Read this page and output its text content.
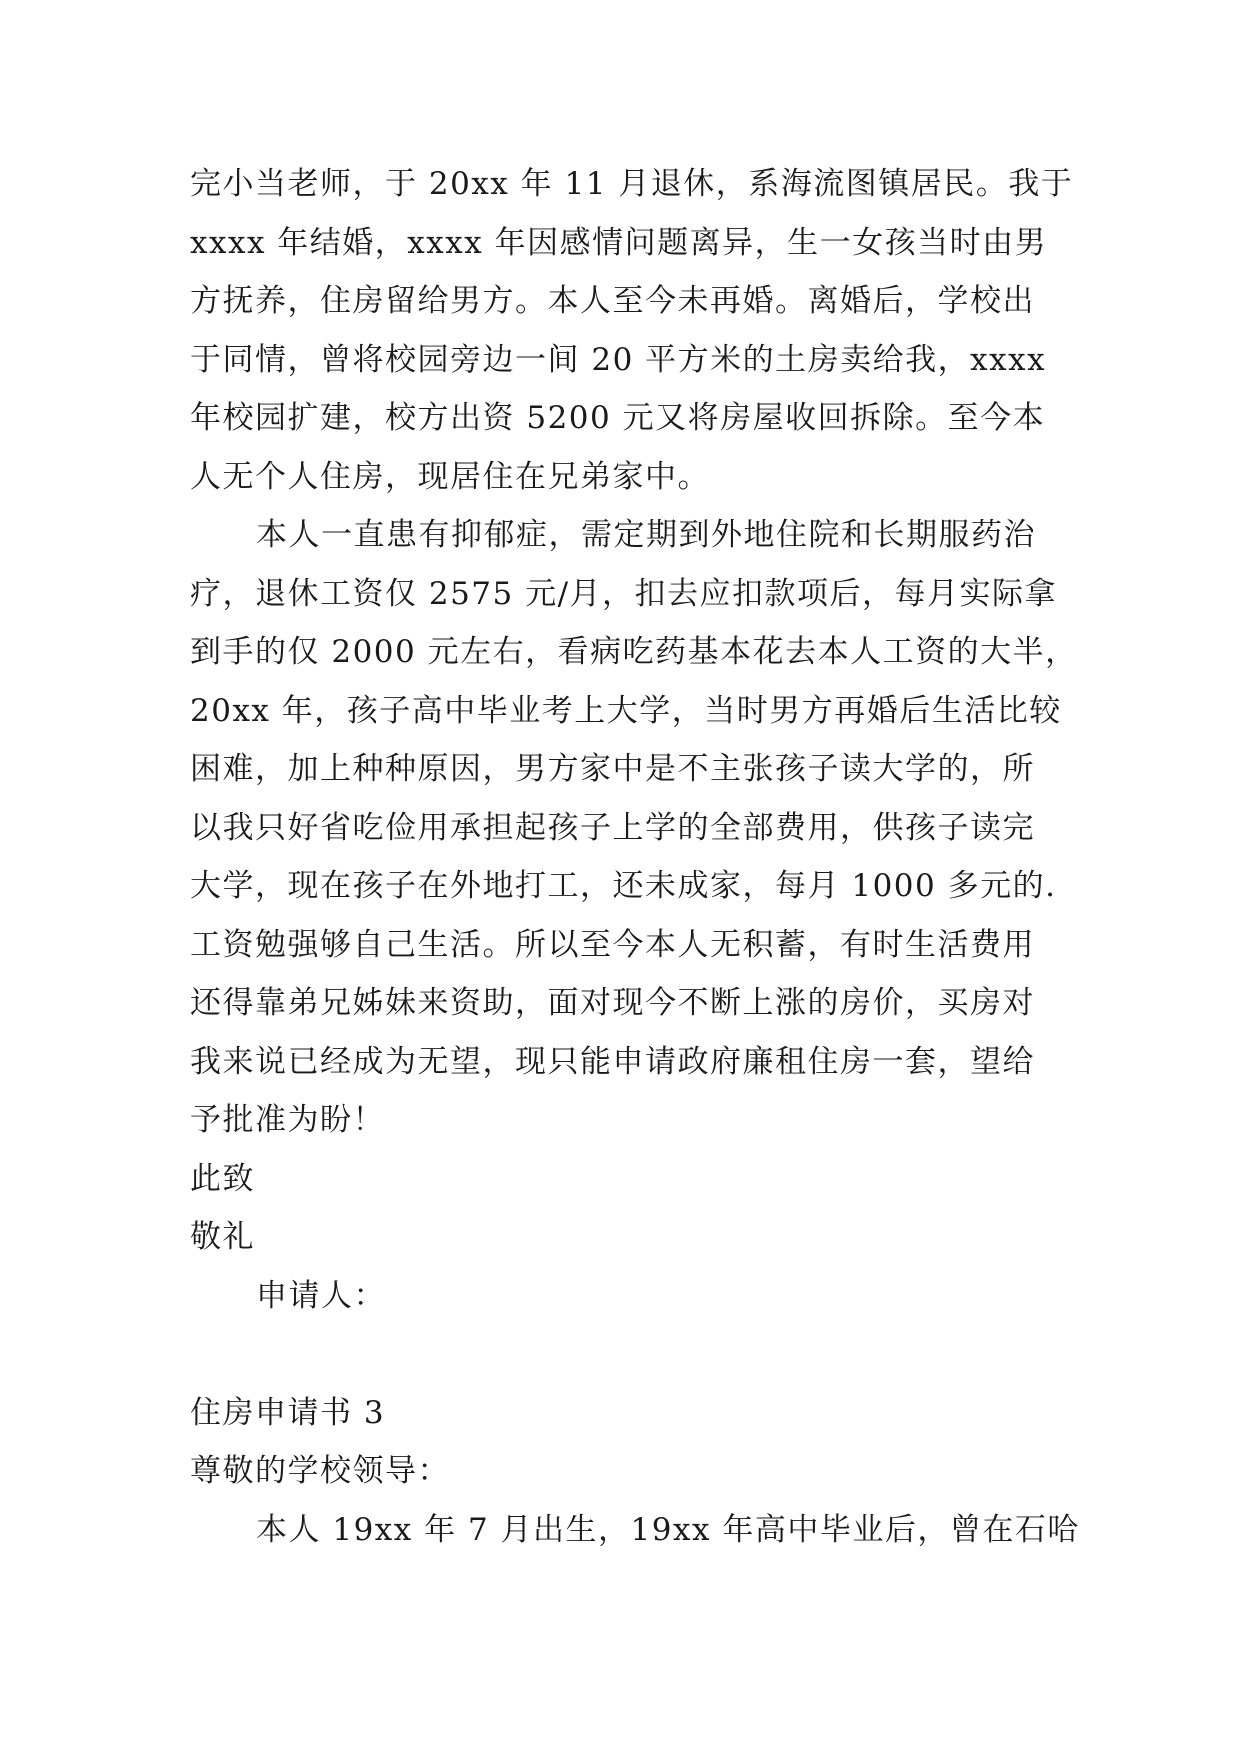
完小当老师，于 20xx 年 11 月退休，系海流图镇居民。我于
xxxx 年结婚，xxxx 年因感情问题离异，生一女孩当时由男
方抚养，住房留给男方。本人至今未再婚。离婚后，学校出
于同情，曾将校园旁边一间 20 平方米的土房卖给我，xxxx
年校园扩建，校方出资 5200 元又将房屋收回拆除。至今本
人无个人住房，现居住在兄弟家中。
本人一直患有抑郁症，需定期到外地住院和长期服药治
疗，退休工资仅 2575 元/月，扣去应扣款项后，每月实际拿
到手的仅 2000 元左右，看病吃药基本花去本人工资的大半，
20xx 年，孩子高中毕业考上大学，当时男方再婚后生活比较
困难，加上种种原因，男方家中是不主张孩子读大学的，所
以我只好省吃俭用承担起孩子上学的全部费用，供孩子读完
大学，现在孩子在外地打工，还未成家，每月 1000 多元的.
工资勉强够自己生活。所以至今本人无积蓄，有时生活费用
还得靠弟兄姊妹来资助，面对现今不断上涨的房价，买房对
我来说已经成为无望，现只能申请政府廉租住房一套，望给
予批准为盼！
此致
敬礼
申请人：
住房申请书 3
尊敬的学校领导：
本人 19xx 年 7 月出生，19xx 年高中毕业后，曾在石哈
